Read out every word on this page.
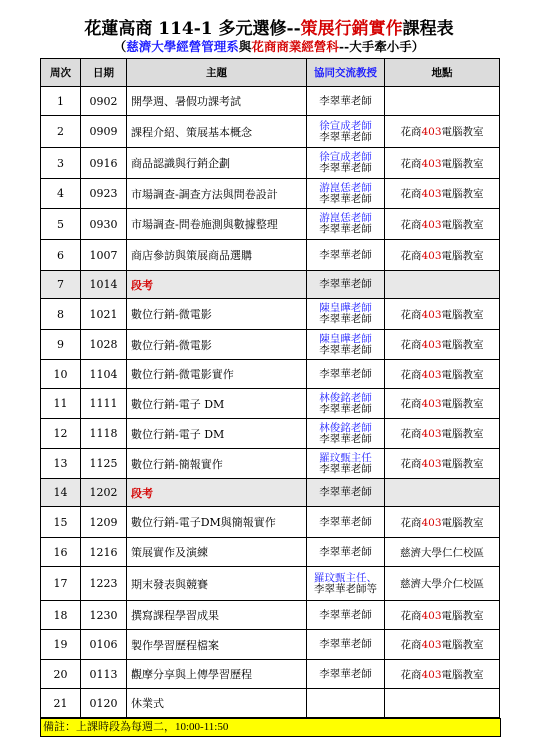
花蓮高商 114-1 多元選修--策展行銷實作課程表
（慈濟大學經營管理系與花商商業經營科--大手牽小手）
周次	日期	主題	協同交流教授	地點
1	0902	開學週、暑假功課考試	李翠華老師	

2	0909	課程介紹、策展基本概念	徐宣成老師
李翠華老師	花商403電腦教室
3	0916	商品認識與行銷企劃	徐宣成老師
李翠華老師	花商403電腦教室
4	0923	市場調查-調查方法與問卷設計	游崑恁老師
李翠華老師	花商403電腦教室
5	0930	市場調查-問卷施測與數據整理	游崑恁老師
李翠華老師	花商403電腦教室
6	1007	商店參訪與策展商品選購	李翠華老師	花商403電腦教室
7	1014	段考	李翠華老師	

8	1021	數位行銷-微電影	陳皇曄老師
李翠華老師	花商403電腦教室
9	1028	數位行銷-微電影	陳皇曄老師
李翠華老師	花商403電腦教室
10	1104	數位行銷-微電影實作	李翠華老師	花商403電腦教室
11	1111	數位行銷-電子 DM	林俊銘老師
李翠華老師	花商403電腦教室
12	1118	數位行銷-電子 DM	林俊銘老師
李翠華老師	花商403電腦教室
13	1125	數位行銷-簡報實作	羅玟甄主任
李翠華老師	花商403電腦教室
14	1202	段考	李翠華老師	

15	1209	數位行銷-電子DM與簡報實作	李翠華老師	花商403電腦教室
16	1216	策展實作及演練	李翠華老師	慈濟大學仁仁校區
17	1223	期末發表與競賽	羅玟甄主任、
李翠華老師等	慈濟大學介仁校區
18	1230	撰寫課程學習成果	李翠華老師	花商403電腦教室
19	0106	製作學習歷程檔案	李翠華老師	花商403電腦教室
20	0113	觀摩分享與上傳學習歷程	李翠華老師	花商403電腦教室
21	0120	休業式	

備註：上課時段為每週二，10:00-11:50
